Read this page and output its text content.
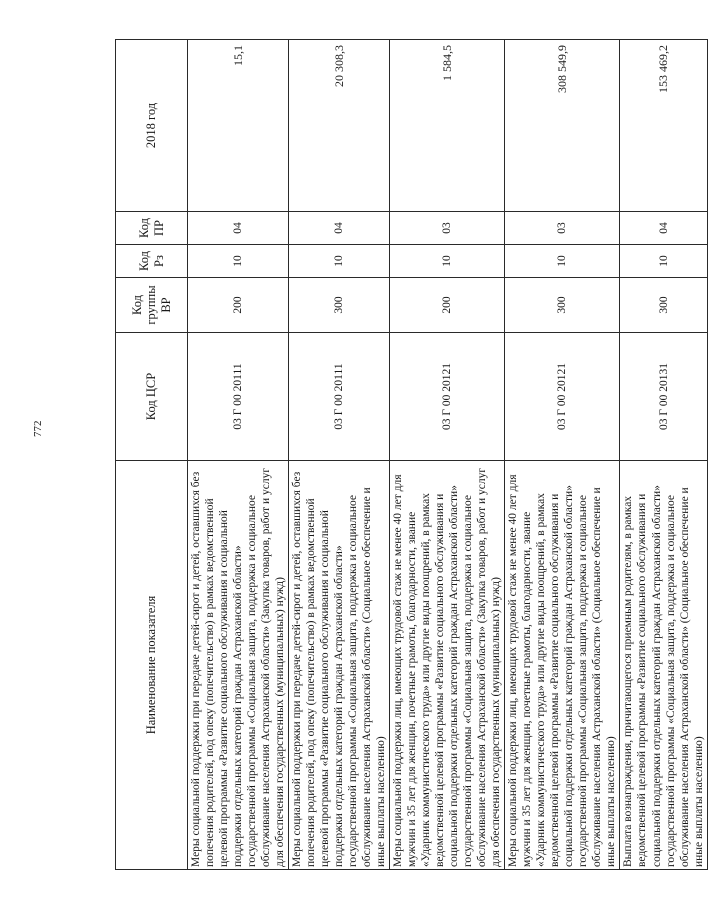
772
Наименование показателя	Код ЦСР	Код группы ВР	Код Рз	Код ПР	2018 год
Меры социальной поддержки при передаче детей-сирот и детей, оставшихся без попечения родителей, под опеку (попечительство) в рамках ведомственной целевой программы «Развитие социального обслуживания и социальной поддержки отдельных категорий граждан Астраханской области» государственной программы «Социальная защита, поддержка и социальное обслуживание населения Астраханской области» (Закупка товаров, работ и услуг для обеспечения государственных (муниципальных) нужд)	03 Г 00 20111	200	10	04	15,1
Меры социальной поддержки при передаче детей-сирот и детей, оставшихся без попечения родителей, под опеку (попечительство) в рамках ведомственной целевой программы «Развитие социального обслуживания и социальной поддержки отдельных категорий граждан Астраханской области» государственной программы «Социальная защита, поддержка и социальное обслуживание населения Астраханской области» (Социальное обеспечение и иные выплаты населению)	03 Г 00 20111	300	10	04	20 308,3
Меры социальной поддержки лиц, имеющих трудовой стаж не менее 40 лет для мужчин и 35 лет для женщин, почетные грамоты, благодарности, звание «Ударник коммунистического труда» или другие виды поощрений, в рамках ведомственной целевой программы «Развитие социального обслуживания и социальной поддержки отдельных категорий граждан Астраханской области» государственной программы «Социальная защита, поддержка и социальное обслуживание населения Астраханской области» (Закупка товаров, работ и услуг для обеспечения государственных (муниципальных) нужд)	03 Г 00 20121	200	10	03	1 584,5
Меры социальной поддержки лиц, имеющих трудовой стаж не менее 40 лет для мужчин и 35 лет для женщин, почетные грамоты, благодарности, звание «Ударник коммунистического труда» или другие виды поощрений, в рамках ведомственной целевой программы «Развитие социального обслуживания и социальной поддержки отдельных категорий граждан Астраханской области» государственной программы «Социальная защита, поддержка и социальное обслуживание населения Астраханской области» (Социальное обеспечение и иные выплаты населению)	03 Г 00 20121	300	10	03	308 549,9
Выплата вознаграждения, причитающегося приемным родителям, в рамках ведомственной целевой программы «Развитие социального обслуживания и социальной поддержки отдельных категорий граждан Астраханской области» государственной программы «Социальная защита, поддержка и социальное обслуживание населения Астраханской области» (Социальное обеспечение и иные выплаты населению)	03 Г 00 20131	300	10	04	153 469,2
